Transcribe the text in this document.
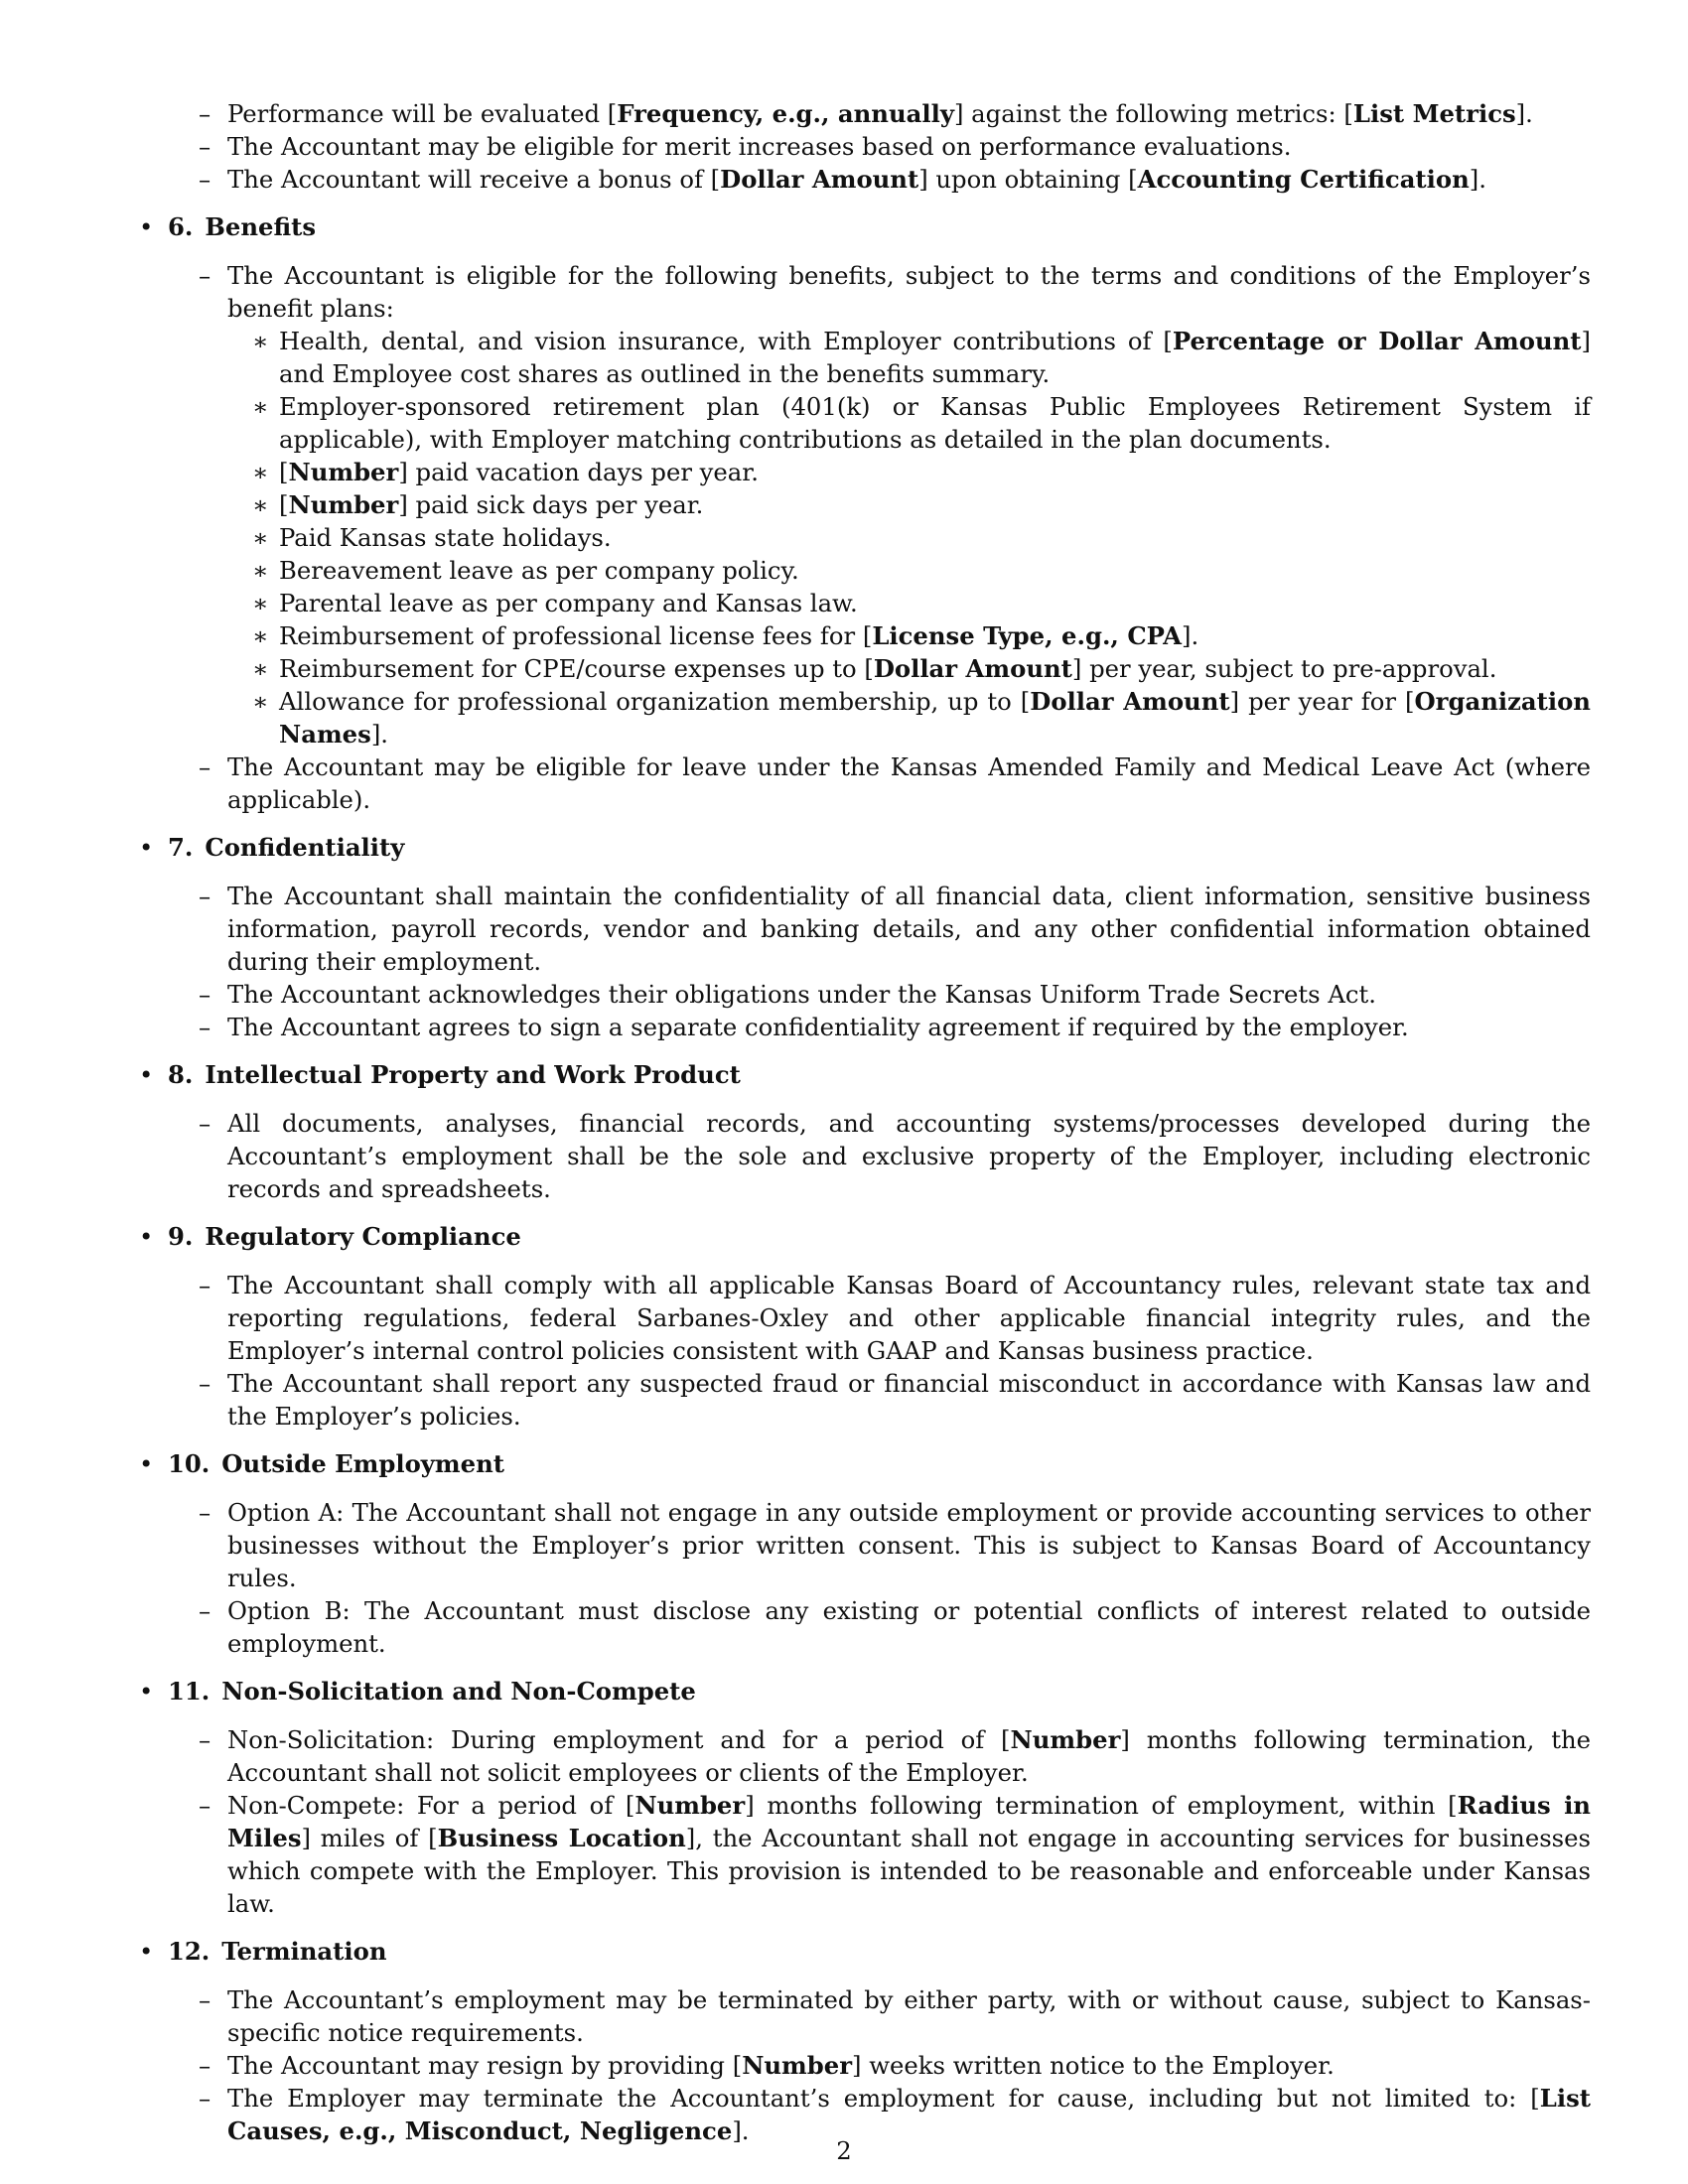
– Performance will be evaluated [Frequency, e.g., annually] against the following metrics: [List Metrics].
– The Accountant may be eligible for merit increases based on performance evaluations.
– The Accountant will receive a bonus of [Dollar Amount] upon obtaining [Accounting Certification].
• 6. Benefits
– The Accountant is eligible for the following benefits, subject to the terms and conditions of the Employer’s benefit plans:
∗ Health, dental, and vision insurance, with Employer contributions of [Percentage or Dollar Amount] and Employee cost shares as outlined in the benefits summary.
∗ Employer-sponsored retirement plan (401(k) or Kansas Public Employees Retirement System if applicable), with Employer matching contributions as detailed in the plan documents.
∗ [Number] paid vacation days per year.
∗ [Number] paid sick days per year.
∗ Paid Kansas state holidays.
∗ Bereavement leave as per company policy.
∗ Parental leave as per company and Kansas law.
∗ Reimbursement of professional license fees for [License Type, e.g., CPA].
∗ Reimbursement for CPE/course expenses up to [Dollar Amount] per year, subject to pre-approval.
∗ Allowance for professional organization membership, up to [Dollar Amount] per year for [Organization Names].
– The Accountant may be eligible for leave under the Kansas Amended Family and Medical Leave Act (where applicable).
• 7. Confidentiality
– The Accountant shall maintain the confidentiality of all financial data, client information, sensitive business information, payroll records, vendor and banking details, and any other confidential information obtained during their employment.
– The Accountant acknowledges their obligations under the Kansas Uniform Trade Secrets Act.
– The Accountant agrees to sign a separate confidentiality agreement if required by the employer.
• 8. Intellectual Property and Work Product
– All documents, analyses, financial records, and accounting systems/processes developed during the Accountant’s employment shall be the sole and exclusive property of the Employer, including electronic records and spreadsheets.
• 9. Regulatory Compliance
– The Accountant shall comply with all applicable Kansas Board of Accountancy rules, relevant state tax and reporting regulations, federal Sarbanes-Oxley and other applicable financial integrity rules, and the Employer’s internal control policies consistent with GAAP and Kansas business practice.
– The Accountant shall report any suspected fraud or financial misconduct in accordance with Kansas law and the Employer’s policies.
• 10. Outside Employment
– Option A: The Accountant shall not engage in any outside employment or provide accounting services to other businesses without the Employer’s prior written consent. This is subject to Kansas Board of Accountancy rules.
– Option B: The Accountant must disclose any existing or potential conflicts of interest related to outside employment.
• 11. Non-Solicitation and Non-Compete
– Non-Solicitation: During employment and for a period of [Number] months following termination, the Accountant shall not solicit employees or clients of the Employer.
– Non-Compete: For a period of [Number] months following termination of employment, within [Radius in Miles] miles of [Business Location], the Accountant shall not engage in accounting services for businesses which compete with the Employer. This provision is intended to be reasonable and enforceable under Kansas law.
• 12. Termination
– The Accountant’s employment may be terminated by either party, with or without cause, subject to Kansas-specific notice requirements.
– The Accountant may resign by providing [Number] weeks written notice to the Employer.
– The Employer may terminate the Accountant’s employment for cause, including but not limited to: [List Causes, e.g., Misconduct, Negligence].
2
